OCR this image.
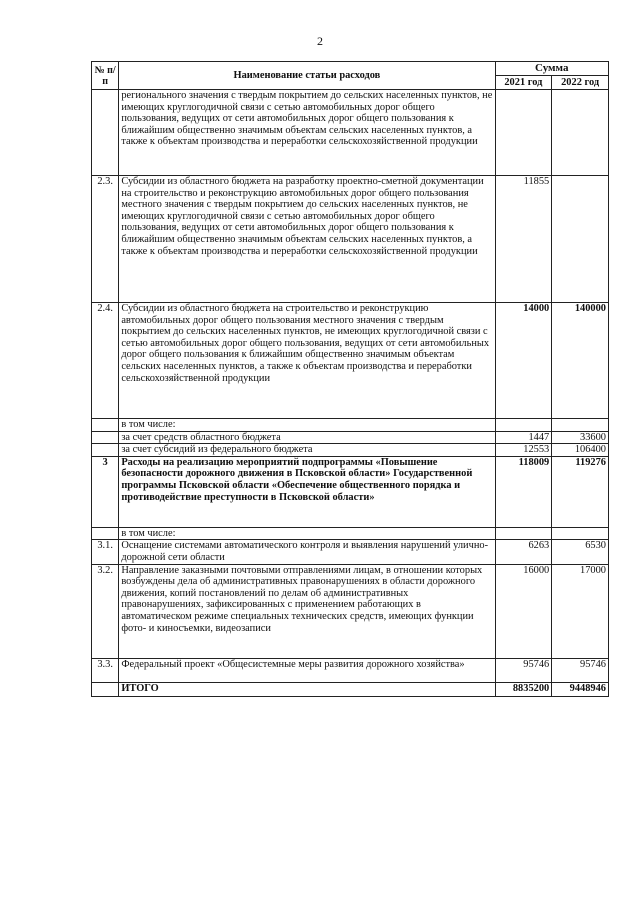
2
№ п/п	Наименование статьи расходов	Сумма	
		2021 год	2022 год
	регионального значения с твердым покрытием до сельских населенных пунктов, не имеющих круглогодичной связи с сетью автомобильных дорог общего пользования, ведущих от сети автомобильных дорог общего пользования к ближайшим общественно значимым объектам сельских населенных пунктов, а также к объектам производства и переработки сельскохозяйственной продукции		
2.3.	Субсидии из областного бюджета на разработку проектно-сметной документации на строительство и реконструкцию автомобильных дорог общего пользования местного значения с твердым покрытием до сельских населенных пунктов, не имеющих круглогодичной связи с сетью автомобильных дорог общего пользования, ведущих от сети автомобильных дорог общего пользования к ближайшим общественно значимым объектам сельских населенных пунктов, а также к объектам производства и переработки сельскохозяйственной продукции	11855	
2.4.	Субсидии из областного бюджета на строительство и реконструкцию автомобильных дорог общего пользования местного значения с твердым покрытием до сельских населенных пунктов, не имеющих круглогодичной связи с сетью автомобильных дорог общего пользования, ведущих от сети автомобильных дорог общего пользования к ближайшим общественно значимым объектам сельских населенных пунктов, а также к объектам производства и переработки сельскохозяйственной продукции	14000	140000
	в том числе:		
	за счет средств областного бюджета	1447	33600
	за счет субсидий из федерального бюджета	12553	106400
3	Расходы на реализацию мероприятий подпрограммы «Повышение безопасности дорожного движения в Псковской области» Государственной программы Псковской области «Обеспечение общественного порядка и противодействие преступности в Псковской области»	118009	119276
	в том числе:		
3.1.	Оснащение системами автоматического контроля и выявления нарушений улично-дорожной сети области	6263	6530
3.2.	Направление заказными почтовыми отправлениями лицам, в отношении которых возбуждены дела об административных правонарушениях в области дорожного движения, копий постановлений по делам об административных правонарушениях, зафиксированных с применением работающих в автоматическом режиме специальных технических средств, имеющих функции фото- и киносъемки, видеозаписи	16000	17000
3.3.	Федеральный проект «Общесистемные меры развития дорожного хозяйства»	95746	95746
	ИТОГО	8835200	9448946
